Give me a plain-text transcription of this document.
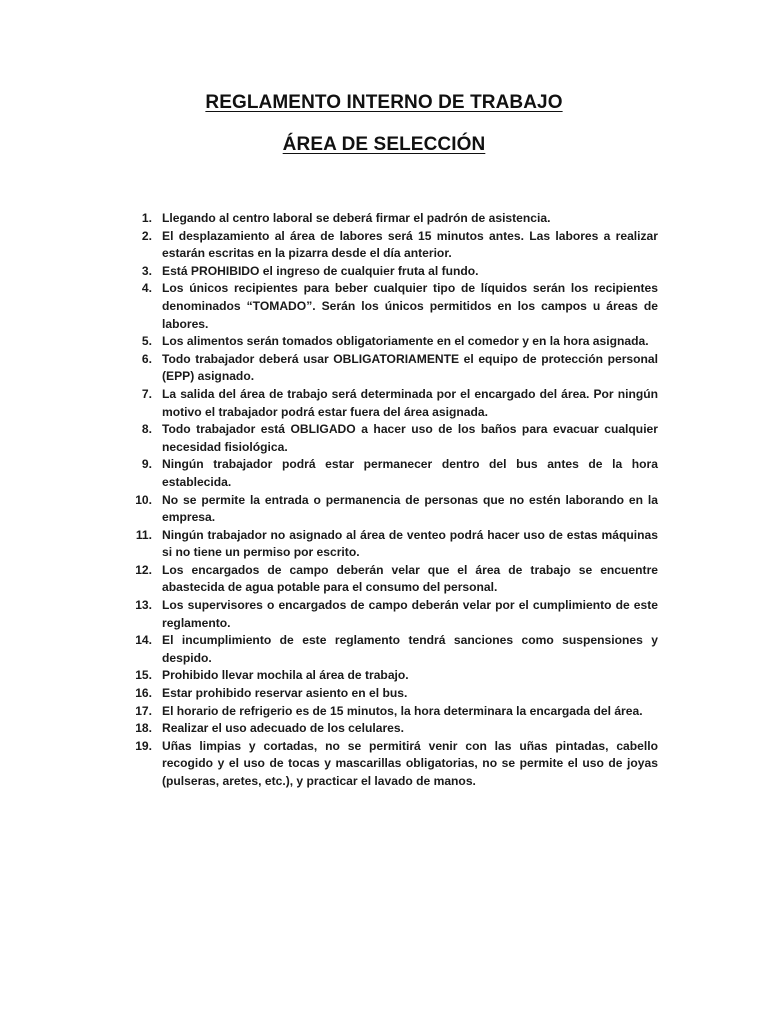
REGLAMENTO INTERNO DE TRABAJO
ÁREA DE SELECCIÓN
1. Llegando al centro laboral se deberá firmar el padrón de asistencia.
2. El desplazamiento al área de labores será 15 minutos antes. Las labores a realizar estarán escritas en la pizarra desde el día anterior.
3. Está PROHIBIDO el ingreso de cualquier fruta al fundo.
4. Los únicos recipientes para beber cualquier tipo de líquidos serán los recipientes denominados “TOMADO”. Serán los únicos permitidos en los campos u áreas de labores.
5. Los alimentos serán tomados obligatoriamente en el comedor y en la hora asignada.
6. Todo trabajador deberá usar OBLIGATORIAMENTE el equipo de protección personal (EPP) asignado.
7. La salida del área de trabajo será determinada por el encargado del área. Por ningún motivo el trabajador podrá estar fuera del área asignada.
8. Todo trabajador está OBLIGADO a hacer uso de los baños para evacuar cualquier necesidad fisiológica.
9. Ningún trabajador podrá estar permanecer dentro del bus antes de la hora establecida.
10. No se permite la entrada o permanencia de personas que no estén laborando en la empresa.
11. Ningún trabajador no asignado al área de venteo podrá hacer uso de estas máquinas si no tiene un permiso por escrito.
12. Los encargados de campo deberán velar que el área de trabajo se encuentre abastecida de agua potable para el consumo del personal.
13. Los supervisores o encargados de campo deberán velar por el cumplimiento de este reglamento.
14. El incumplimiento de este reglamento tendrá sanciones como suspensiones y despido.
15. Prohibido llevar mochila al área de trabajo.
16. Estar prohibido reservar asiento en el bus.
17. El horario de refrigerio es de 15 minutos, la hora determinara la encargada del área.
18. Realizar el uso adecuado de los celulares.
19. Uñas limpias y cortadas, no se permitirá venir con las uñas pintadas, cabello recogido y el uso de tocas y mascarillas obligatorias, no se permite el uso de joyas (pulseras, aretes, etc.), y practicar el lavado de manos.
